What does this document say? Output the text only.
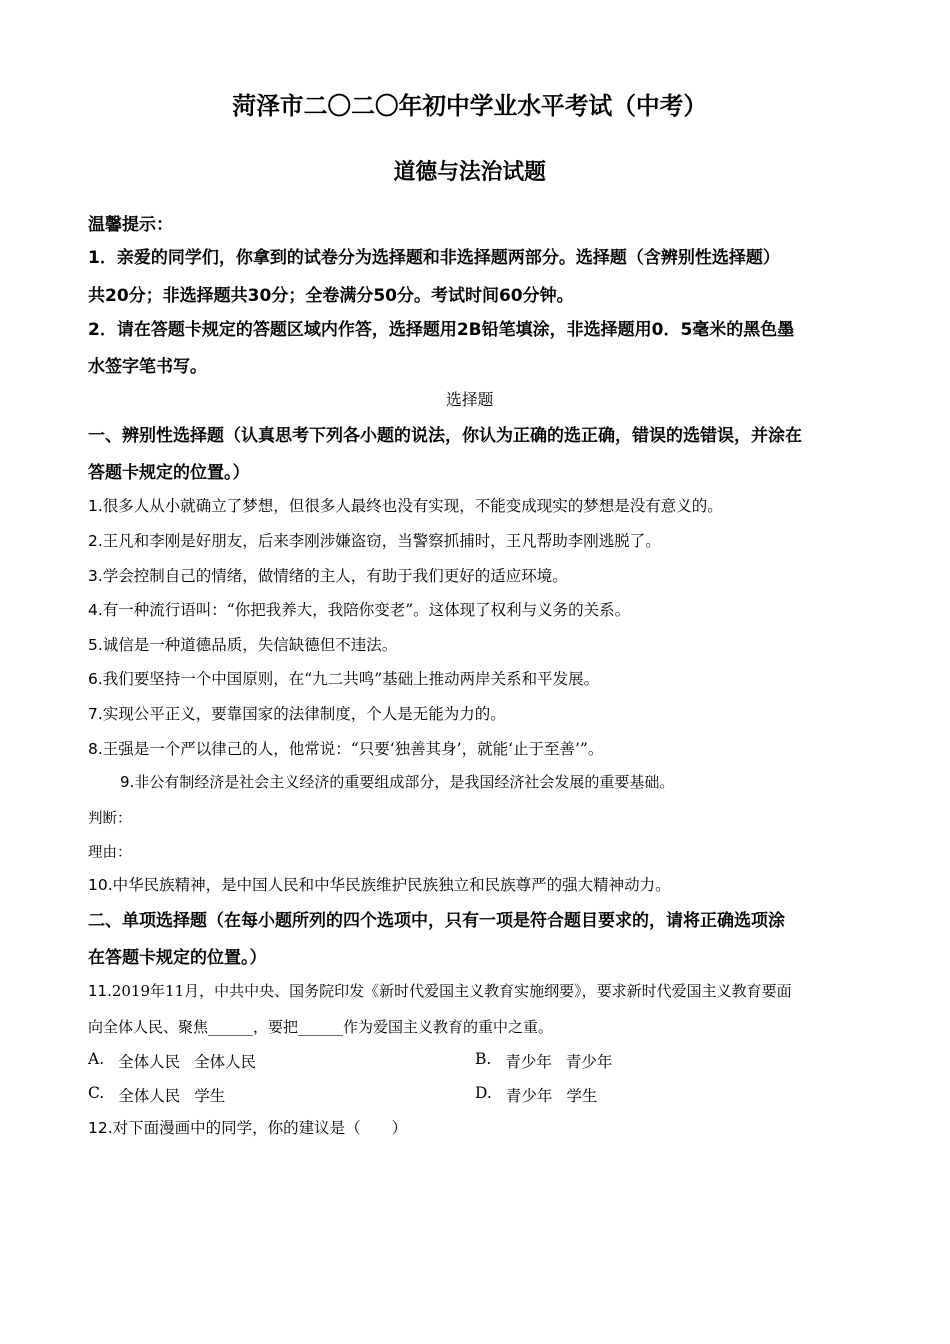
菏泽市二〇二〇年初中学业水平考试（中考）
道德与法治试题
温馨提示：
1．亲爱的同学们，你拿到的试卷分为选择题和非选择题两部分。选择题（含辨别性选择题）
共20分；非选择题共30分；全卷满分50分。考试时间60分钟。
2．请在答题卡规定的答题区域内作答，选择题用2B铅笔填涂，非选择题用0．5毫米的黑色墨
水签字笔书写。
选择题
一、辨别性选择题（认真思考下列各小题的说法，你认为正确的选正确，错误的选错误，并涂在
答题卡规定的位置。）
1.很多人从小就确立了梦想，但很多人最终也没有实现，不能变成现实的梦想是没有意义的。
2.王凡和李刚是好朋友，后来李刚涉嫌盗窃，当警察抓捕时，王凡帮助李刚逃脱了。
3.学会控制自己的情绪，做情绪的主人，有助于我们更好的适应环境。
4.有一种流行语叫：“你把我养大，我陪你变老”。这体现了权利与义务的关系。
5.诚信是一种道德品质，失信缺德但不违法。
6.我们要坚持一个中国原则，在“九二共鸣”基础上推动两岸关系和平发展。
7.实现公平正义，要靠国家的法律制度，个人是无能为力的。
8.王强是一个严以律己的人，他常说：“只要‘独善其身’，就能‘止于至善’”。
9.非公有制经济是社会主义经济的重要组成部分，是我国经济社会发展的重要基础。
判断：
理由：
10.中华民族精神，是中国人民和中华民族维护民族独立和民族尊严的强大精神动力。
二、单项选择题（在每小题所列的四个选项中，只有一项是符合题目要求的，请将正确选项涂
在答题卡规定的位置。）
11.2019年11月，中共中央、国务院印发《新时代爱国主义教育实施纲要》，要求新时代爱国主义教育要面
向全体人民、聚焦______，要把______作为爱国主义教育的重中之重。
A. 全体人民 全体人民	B. 青少年 青少年
C. 全体人民 学生	D. 青少年 学生
12.对下面漫画中的同学，你的建议是（　　）
